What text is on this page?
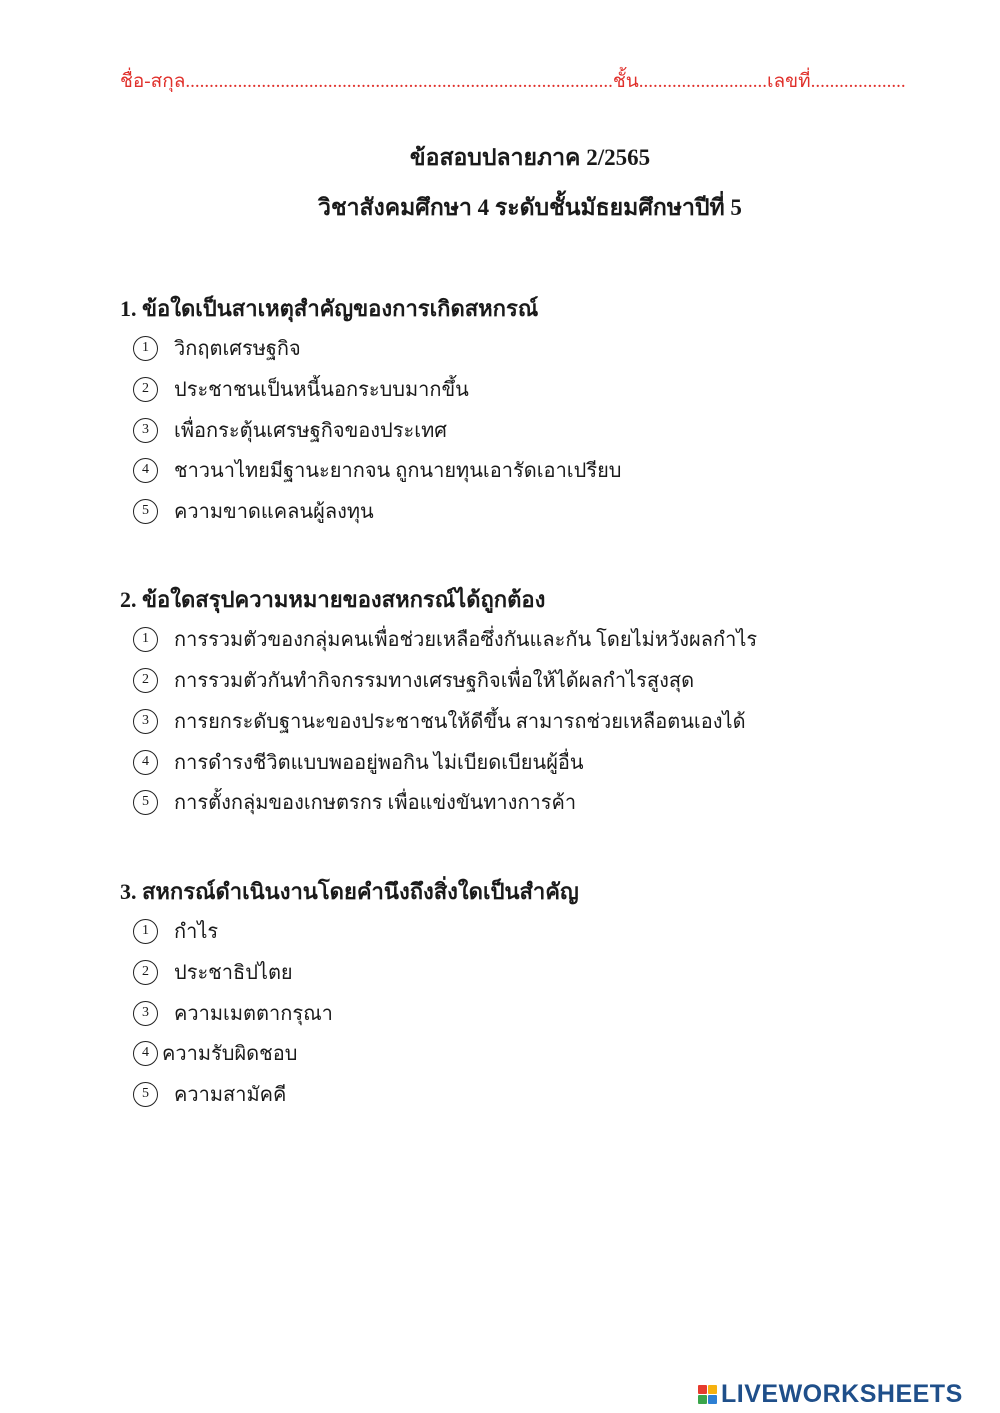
ชื่อ-สกุล..........................................................................................ชั้น...........................เลขที่....................
ข้อสอบปลายภาค 2/2565
วิชาสังคมศึกษา 4 ระดับชั้นมัธยมศึกษาปีที่ 5
1. ข้อใดเป็นสาเหตุสำคัญของการเกิดสหกรณ์
1	วิกฤตเศรษฐกิจ
2	ประชาชนเป็นหนี้นอกระบบมากขึ้น
3	เพื่อกระตุ้นเศรษฐกิจของประเทศ
4	ชาวนาไทยมีฐานะยากจน ถูกนายทุนเอารัดเอาเปรียบ
5	ความขาดแคลนผู้ลงทุน
2. ข้อใดสรุปความหมายของสหกรณ์ได้ถูกต้อง
1	การรวมตัวของกลุ่มคนเพื่อช่วยเหลือซึ่งกันและกัน โดยไม่หวังผลกำไร
2	การรวมตัวกันทำกิจกรรมทางเศรษฐกิจเพื่อให้ได้ผลกำไรสูงสุด
3	การยกระดับฐานะของประชาชนให้ดีขึ้น สามารถช่วยเหลือตนเองได้
4	การดำรงชีวิตแบบพออยู่พอกิน ไม่เบียดเบียนผู้อื่น
5	การตั้งกลุ่มของเกษตรกร เพื่อแข่งขันทางการค้า
3. สหกรณ์ดำเนินงานโดยคำนึงถึงสิ่งใดเป็นสำคัญ
1	กำไร
2	ประชาธิปไตย
3	ความเมตตากรุณา
4 ความรับผิดชอบ
5	ความสามัคคี
LIVEWORKSHEETS
